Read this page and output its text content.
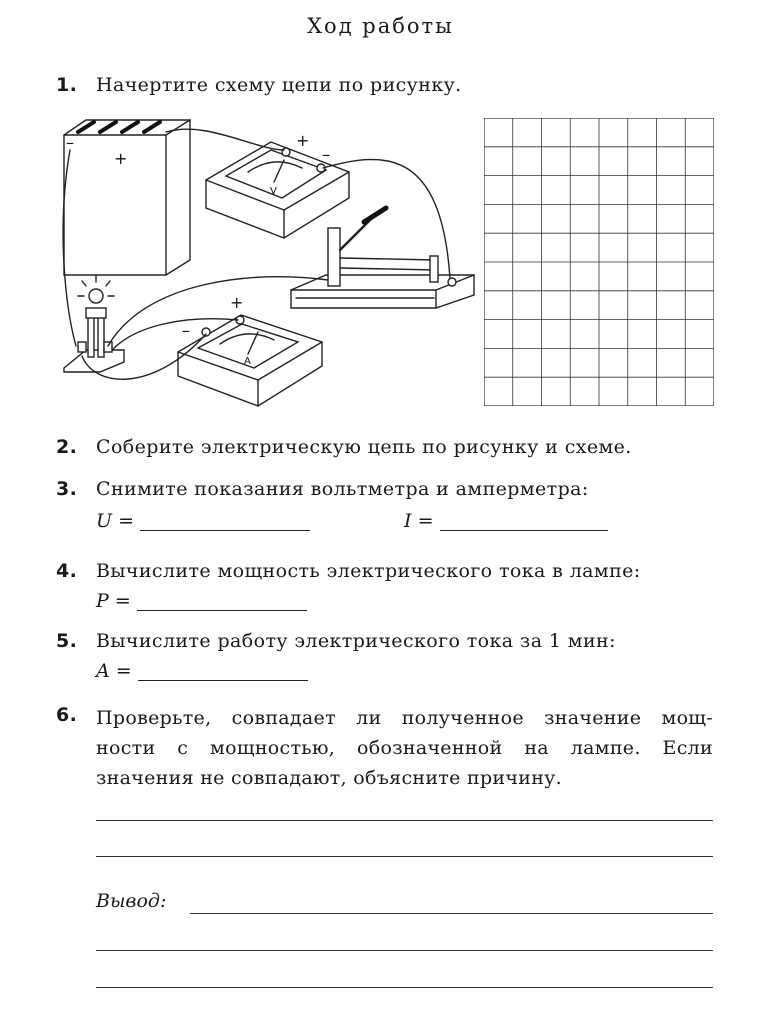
Ход работы
1. Начертите схему цепи по рисунку.
–
+
+
–
+
–
V
A
2. Соберите электрическую цепь по рисунку и схеме.
3. Снимите показания вольтметра и амперметра:
U =	I =
4. Вычислите мощность электрического тока в лампе:
P =
5. Вычислите работу электрического тока за 1 мин:
A =
6. Проверьте, совпадает ли полученное значение мощ-
ности с мощностью, обозначенной на лампе. Если
значения не совпадают, объясните причину.
Вывод:
